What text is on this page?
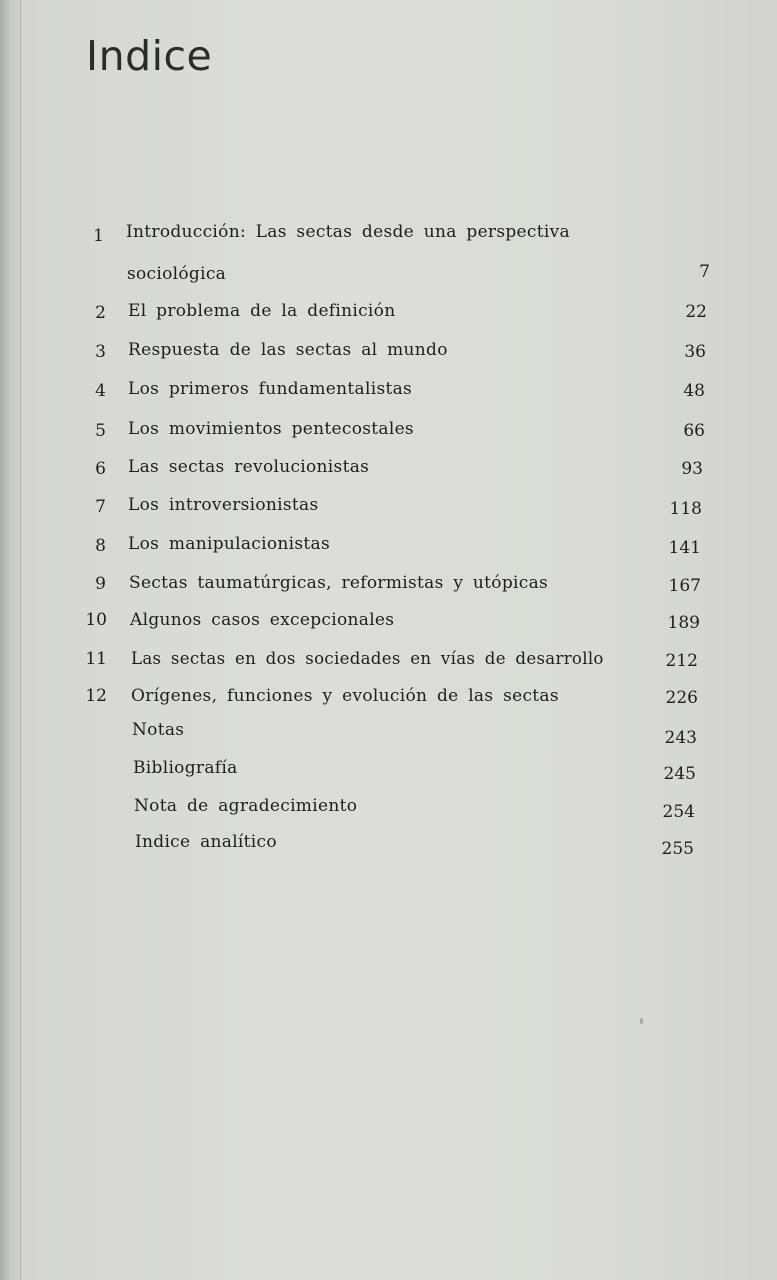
Indice
1 Introducción: Las sectas desde una perspectiva
sociológica	7
2 El problema de la definición	22
3 Respuesta de las sectas al mundo	36
4 Los primeros fundamentalistas	48
5 Los movimientos pentecostales	66
6 Las sectas revolucionistas	93
7 Los introversionistas	118
8 Los manipulacionistas	141
9 Sectas taumatúrgicas, reformistas y utópicas	167
10 Algunos casos excepcionales	189
11 Las sectas en dos sociedades en vías de desarrollo	212
12 Orígenes, funciones y evolución de las sectas	226
Notas	243
Bibliografía	245
Nota de agradecimiento	254
Indice analítico	255
